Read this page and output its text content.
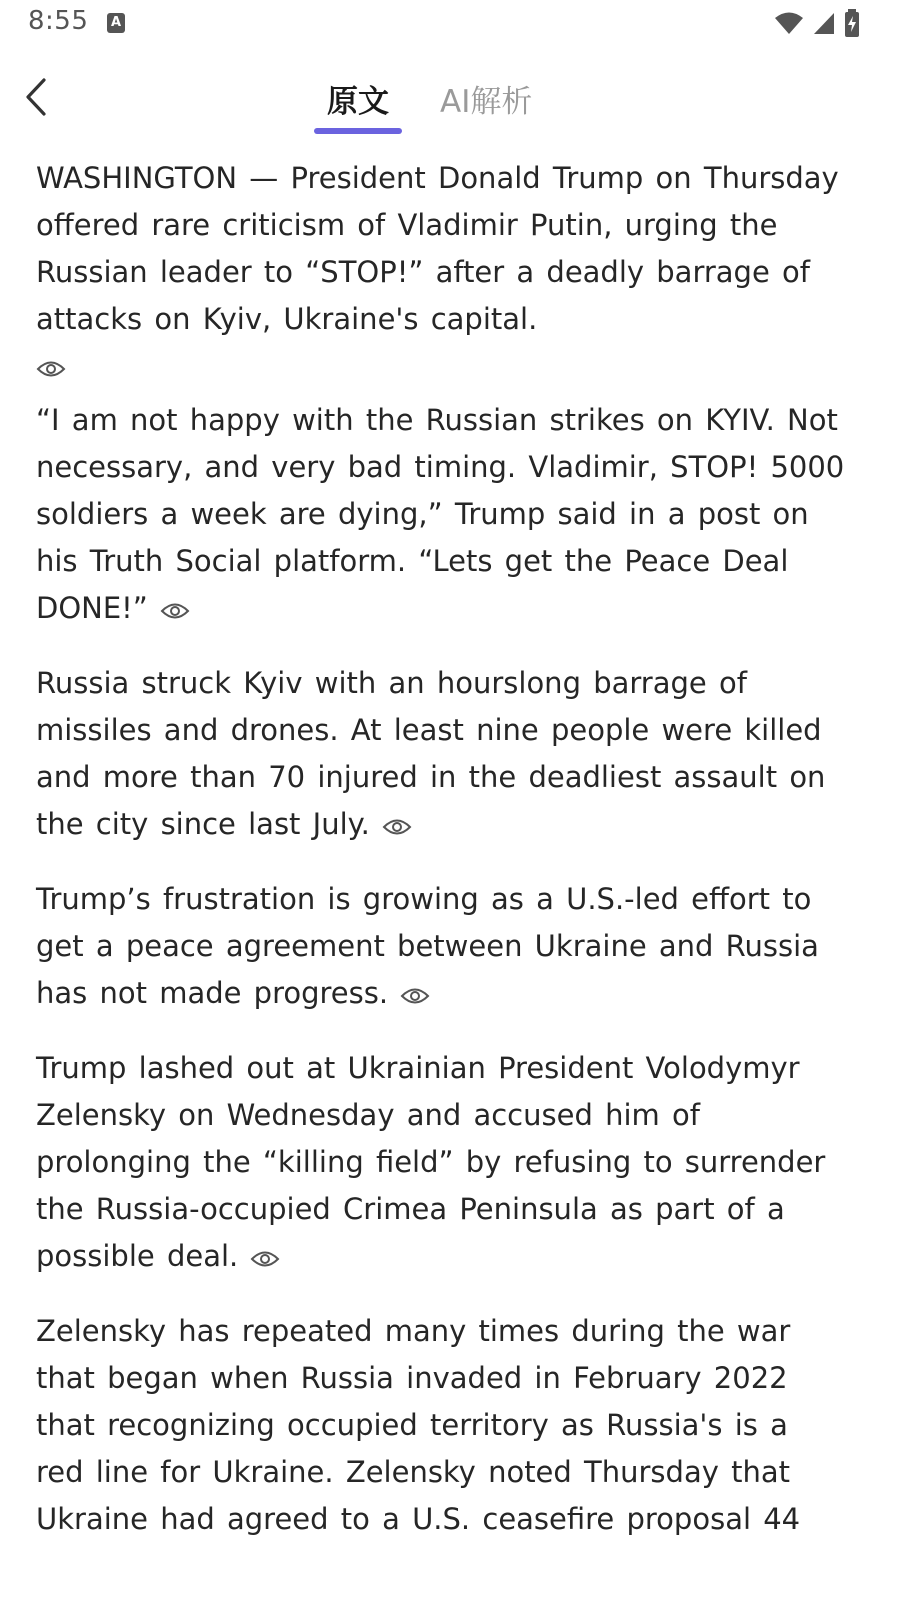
8:55	A
原文 AI解析

WASHINGTON — President Donald Trump on Thursday offered rare criticism of Vladimir Putin, urging the Russian leader to “STOP!” after a deadly barrage of attacks on Kyiv, Ukraine's capital.

“I am not happy with the Russian strikes on KYIV. Not necessary, and very bad timing. Vladimir, STOP! 5000 soldiers a week are dying,” Trump said in a post on his Truth Social platform. “Lets get the Peace Deal DONE!”

Russia struck Kyiv with an hourslong barrage of missiles and drones. At least nine people were killed and more than 70 injured in the deadliest assault on the city since last July.

Trump’s frustration is growing as a U.S.-led effort to get a peace agreement between Ukraine and Russia has not made progress.

Trump lashed out at Ukrainian President Volodymyr Zelensky on Wednesday and accused him of prolonging the “killing field” by refusing to surrender the Russia-occupied Crimea Peninsula as part of a possible deal.

Zelensky has repeated many times during the war that began when Russia invaded in February 2022 that recognizing occupied territory as Russia's is a red line for Ukraine. Zelensky noted Thursday that Ukraine had agreed to a U.S. ceasefire proposal 44
